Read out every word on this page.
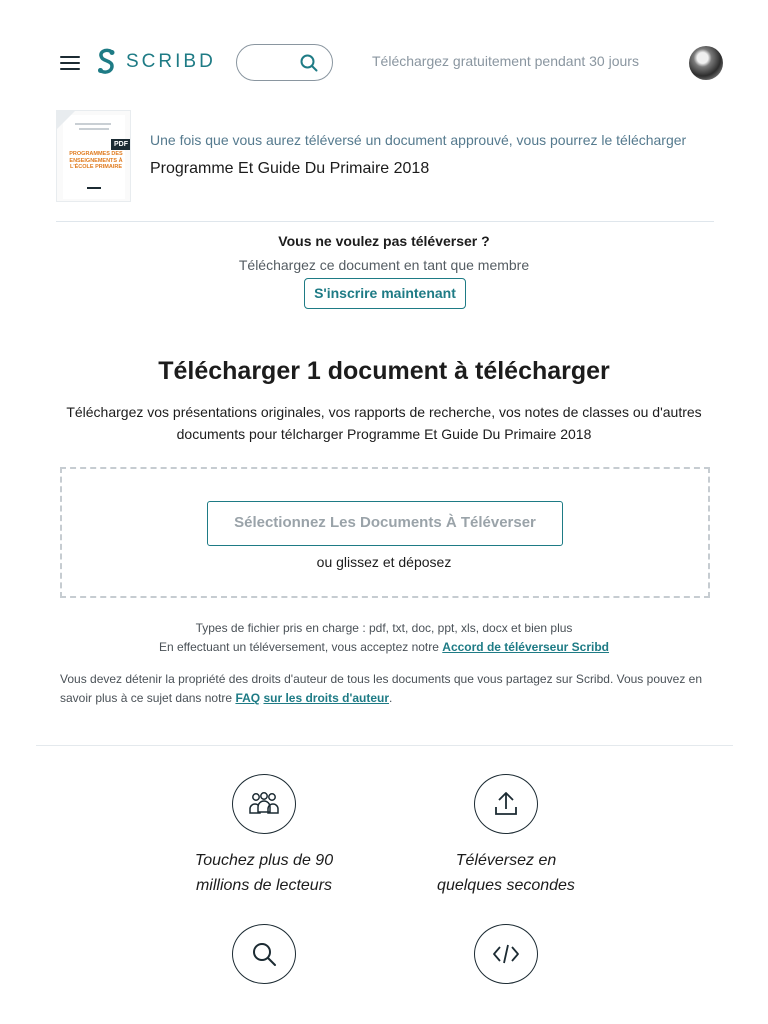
SCRIBD	Téléchargez gratuitement pendant 30 jours
PDF
PROGRAMMES DES ENSEIGNEMENTS À L'ÉCOLE PRIMAIRE
Une fois que vous aurez téléversé un document approuvé, vous pourrez le télécharger
Programme Et Guide Du Primaire 2018
Vous ne voulez pas téléverser ?
Téléchargez ce document en tant que membre
S'inscrire maintenant
Télécharger 1 document à télécharger
Téléchargez vos présentations originales, vos rapports de recherche, vos notes de classes ou d'autres documents pour télcharger Programme Et Guide Du Primaire 2018
Sélectionnez Les Documents À Téléverser
ou glissez et déposez
Types de fichier pris en charge : pdf, txt, doc, ppt, xls, docx et bien plus
En effectuant un téléversement, vous acceptez notre Accord de téléverseur Scribd
Vous devez détenir la propriété des droits d'auteur de tous les documents que vous partagez sur Scribd. Vous pouvez en savoir plus à ce sujet dans notre FAQ sur les droits d'auteur.
Touchez plus de 90
millions de lecteurs
Téléversez en
quelques secondes
